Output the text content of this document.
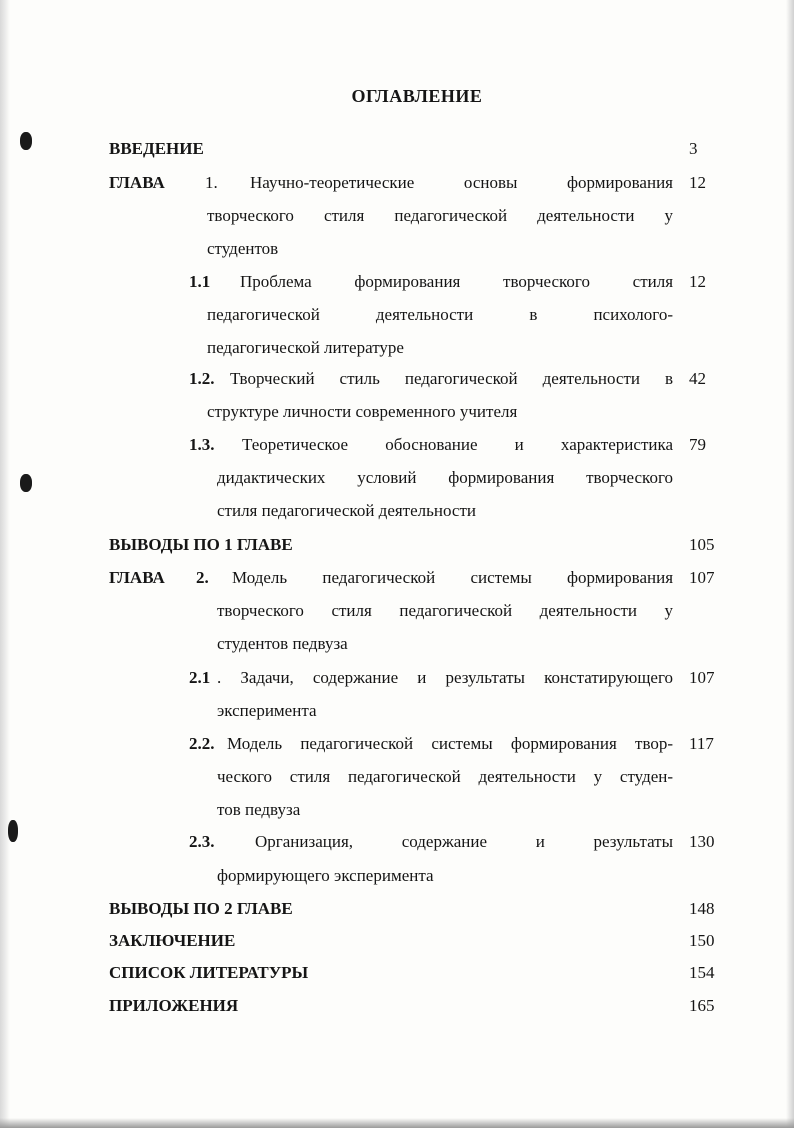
ОГЛАВЛЕНИЕ
ВВЕДЕНИЕ	3
ГЛАВА 1. Научно-теоретические	основы	формирования 12
творческого стиля педагогической деятельности у
студентов
1.1 Проблема	формирования	творческого	стиля 12
педагогической	деятельности	в	психолого-
педагогической литературе
1.2. Творческий стиль педагогической деятельности в 42
структуре личности современного учителя
1.3. Теоретическое обоснование и характеристика 79
дидактических условий формирования творческого
стиля педагогической деятельности
ВЫВОДЫ ПО 1 ГЛАВЕ	105
ГЛАВА 2. Модель педагогической системы формирования 107
творческого стиля педагогической деятельности у
студентов педвуза
2.1 . Задачи, содержание и результаты констатирующего 107
эксперимента
2.2. Модель педагогической системы формирования твор- 117
ческого стиля педагогической деятельности у студен-
тов педвуза
2.3. Организация,	содержание	и	результаты 130
формирующего эксперимента
ВЫВОДЫ ПО 2 ГЛАВЕ	148
ЗАКЛЮЧЕНИЕ	150
СПИСОК ЛИТЕРАТУРЫ	154
ПРИЛОЖЕНИЯ	165
